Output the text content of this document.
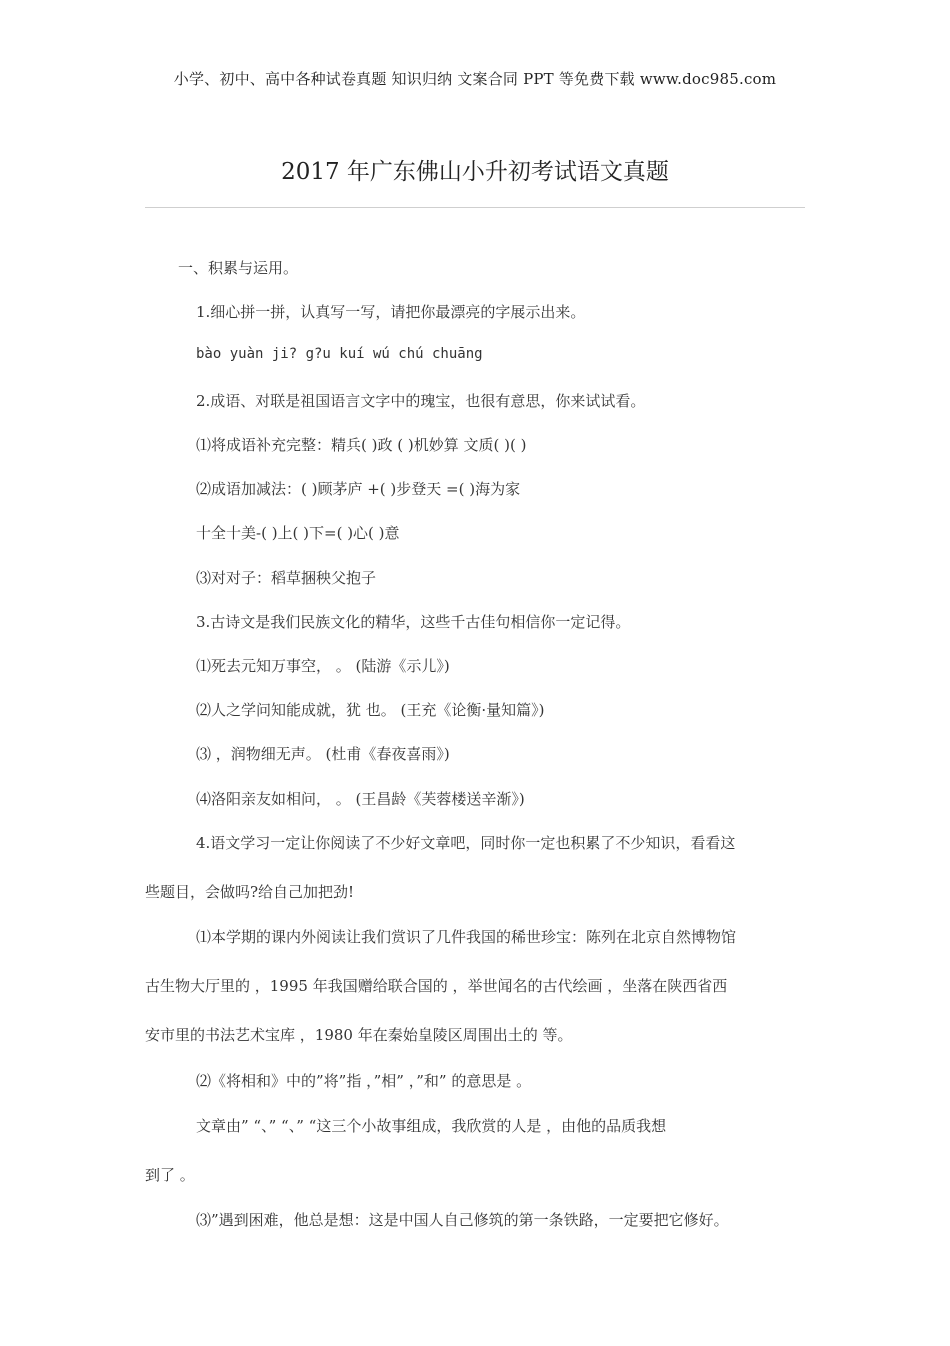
小学、初中、高中各种试卷真题 知识归纳 文案合同 PPT 等免费下载 www.doc985.com
2017 年广东佛山小升初考试语文真题
一、积累与运用。
1.细心拼一拼，认真写一写，请把你最漂亮的字展示出来。
bào yuàn ji? g?u kuí wú chú chuāng
2.成语、对联是祖国语言文字中的瑰宝，也很有意思，你来试试看。
⑴将成语补充完整：精兵( )政 ( )机妙算 文质( )( )
⑵成语加减法：( )顾茅庐 +( )步登天 =( )海为家
十全十美-( )上( )下=( )心( )意
⑶对对子：稻草捆秧父抱子
3.古诗文是我们民族文化的精华，这些千古佳句相信你一定记得。
⑴死去元知万事空， 。 (陆游《示儿》)
⑵人之学问知能成就，犹 也。 (王充《论衡·量知篇》)
⑶ ，润物细无声。 (杜甫《春夜喜雨》)
⑷洛阳亲友如相问， 。 (王昌龄《芙蓉楼送辛渐》)
4.语文学习一定让你阅读了不少好文章吧，同时你一定也积累了不少知识，看看这
些题目，会做吗?给自己加把劲!
⑴本学期的课内外阅读让我们赏识了几件我国的稀世珍宝：陈列在北京自然博物馆
古生物大厅里的 ，1995 年我国赠给联合国的 ，举世闻名的古代绘画 ，坐落在陕西省西
安市里的书法艺术宝库 ，1980 年在秦始皇陵区周围出土的 等。
⑵《将相和》中的”将”指 ，”相” ，”和” 的意思是 。
文章由” “、” “、” “这三个小故事组成，我欣赏的人是 ，由他的品质我想
到了 。
⑶”遇到困难，他总是想：这是中国人自己修筑的第一条铁路，一定要把它修好。
